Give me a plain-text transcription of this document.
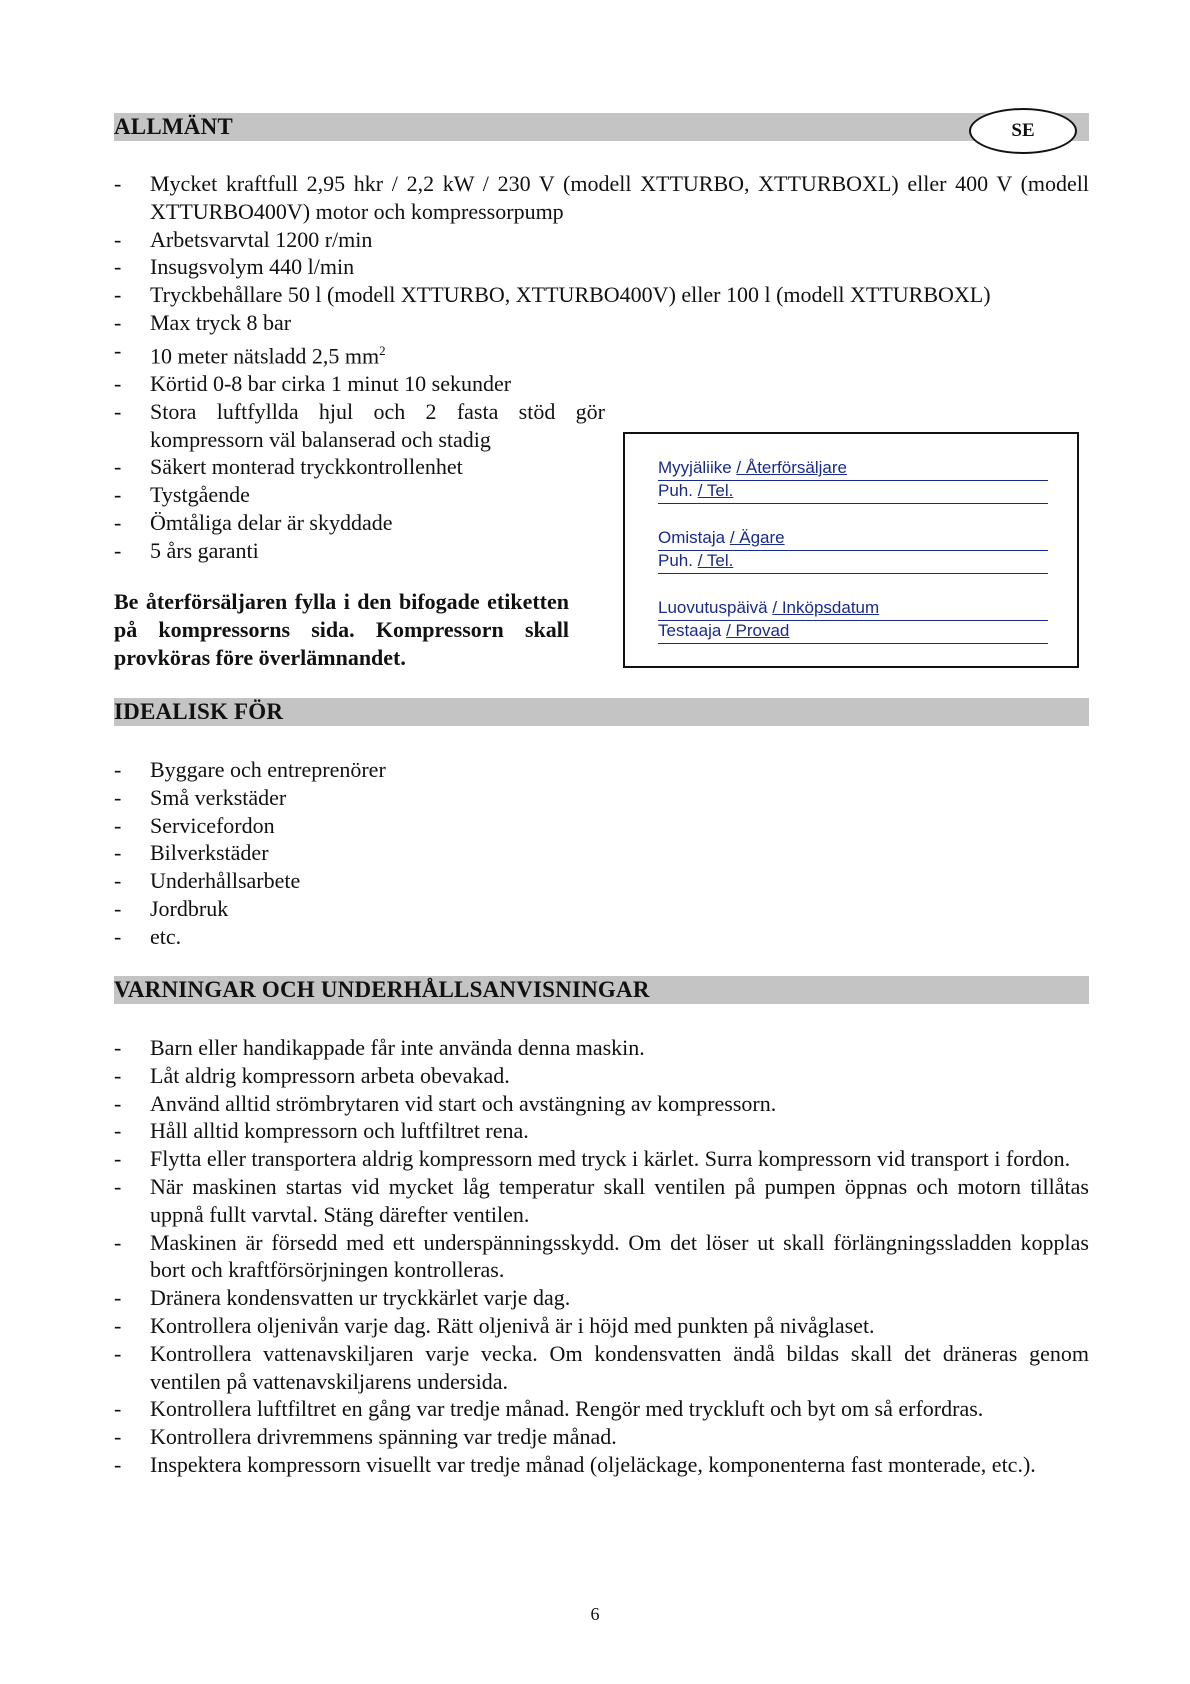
ALLMÄNT	SE
- Mycket kraftfull 2,95 hkr / 2,2 kW / 230 V (modell XTTURBO, XTTURBOXL) eller 400 V (modell XTTURBO400V) motor och kompressorpump
- Arbetsvarvtal 1200 r/min
- Insugsvolym 440 l/min
- Tryckbehållare 50 l (modell XTTURBO, XTTURBO400V) eller 100 l (modell XTTURBOXL)
- Max tryck 8 bar
- 10 meter nätsladd 2,5 $mm^2$
- Körtid 0-8 bar cirka 1 minut 10 sekunder
- Stora luftfyllda hjul och 2 fasta stöd gör kompressorn väl balanserad och stadig
- Säkert monterad tryckkontrollenhet
- Tystgående
- Ömtåliga delar är skyddade
- 5 års garanti

Be återförsäljaren fylla i den bifogade etiketten på kompressorns sida. Kompressorn skall provköras före överlämnandet.

Myyjäliike / Återförsäljare
Puh. / Tel.
Omistaja / Ägare
Puh. / Tel.
Luovutuspäivä / Inköpsdatum
Testaaja / Provad
IDEALISK FÖR
- Byggare och entreprenörer
- Små verkstäder
- Servicefordon
- Bilverkstäder
- Underhållsarbete
- Jordbruk
- etc.
VARNINGAR OCH UNDERHÅLLSANVISNINGAR
- Barn eller handikappade får inte använda denna maskin.
- Låt aldrig kompressorn arbeta obevakad.
- Använd alltid strömbrytaren vid start och avstängning av kompressorn.
- Håll alltid kompressorn och luftfiltret rena.
- Flytta eller transportera aldrig kompressorn med tryck i kärlet. Surra kompressorn vid transport i fordon.
- När maskinen startas vid mycket låg temperatur skall ventilen på pumpen öppnas och motorn tillåtas uppnå fullt varvtal. Stäng därefter ventilen.
- Maskinen är försedd med ett underspänningsskydd. Om det löser ut skall förlängningssladden kopplas bort och kraftförsörjningen kontrolleras.
- Dränera kondensvatten ur tryckkärlet varje dag.
- Kontrollera oljenivån varje dag. Rätt oljenivå är i höjd med punkten på nivåglaset.
- Kontrollera vattenavskiljaren varje vecka. Om kondensvatten ändå bildas skall det dräneras genom ventilen på vattenavskiljarens undersida.
- Kontrollera luftfiltret en gång var tredje månad. Rengör med tryckluft och byt om så erfordras.
- Kontrollera drivremmens spänning var tredje månad.
- Inspektera kompressorn visuellt var tredje månad (oljeläckage, komponenterna fast monterade, etc.).
6
